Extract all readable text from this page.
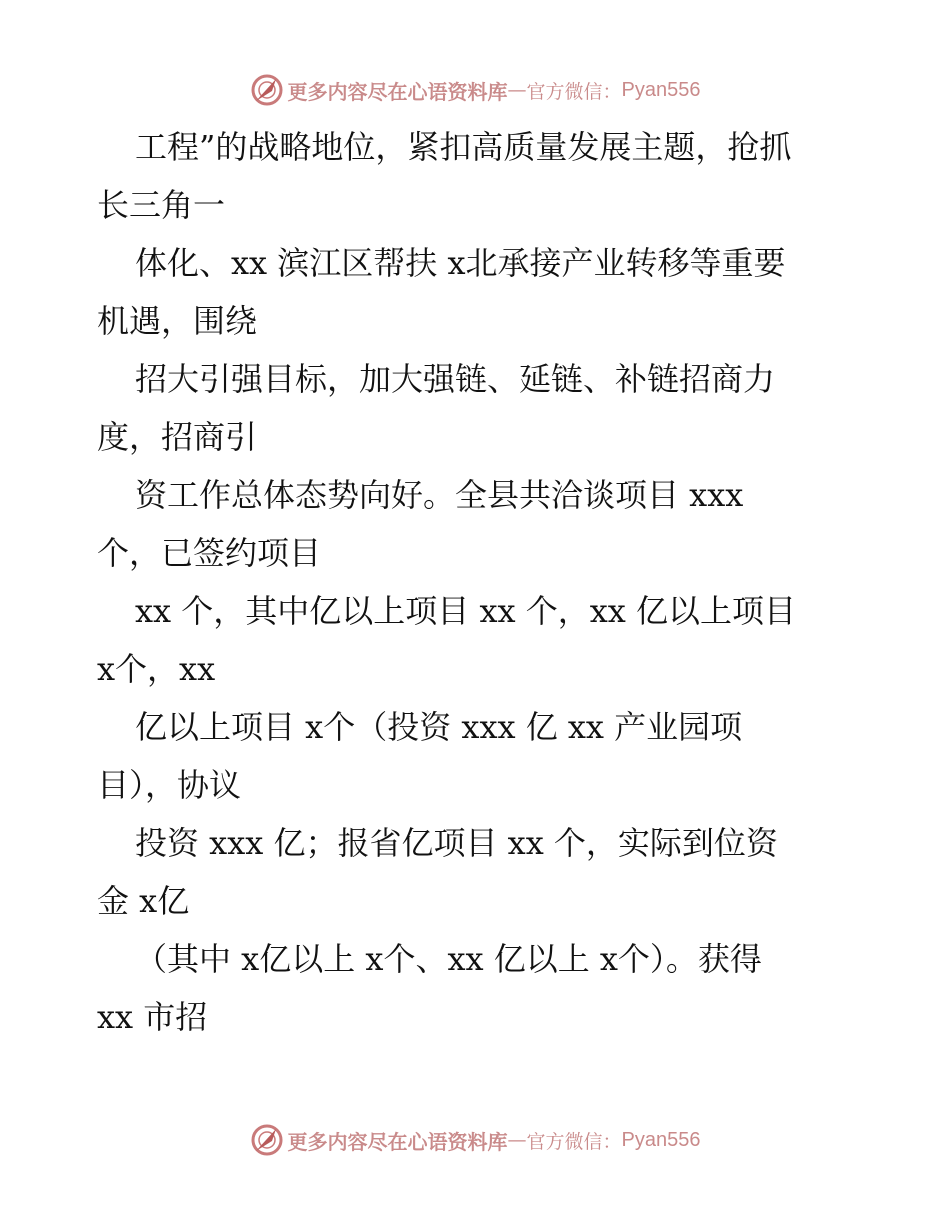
更多内容尽在心语资料库 — 官方微信： Pyan556
工程”的战略地位，紧扣高质量发展主题，抢抓
长三角一
体化、xx 滨江区帮扶 x北承接产业转移等重要
机遇，围绕
招大引强目标，加大强链、延链、补链招商力
度，招商引
资工作总体态势向好。全县共洽谈项目 xxx
个，已签约项目
xx 个，其中亿以上项目 xx 个，xx 亿以上项目
x个，xx
亿以上项目 x个（投资 xxx 亿 xx 产业园项
目），协议
投资 xxx 亿；报省亿项目 xx 个，实际到位资
金 x亿
（其中 x亿以上 x个、xx 亿以上 x个）。获得
xx 市招
更多内容尽在心语资料库 — 官方微信： Pyan556
